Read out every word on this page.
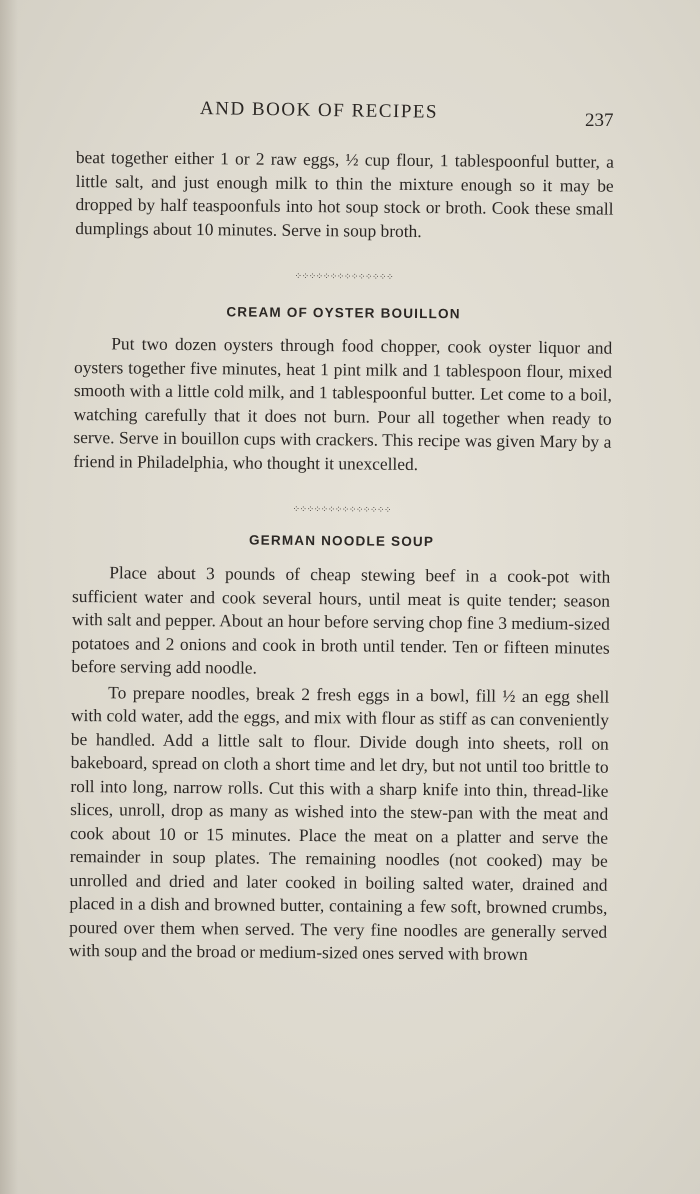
AND BOOK OF RECIPES	237

beat together either 1 or 2 raw eggs, ½ cup flour, 1 tablespoonful butter, a little salt, and just enough milk to thin the mixture enough so it may be dropped by half teaspoonfuls into hot soup stock or broth. Cook these small dumplings about 10 minutes. Serve in soup broth.

⁘⁘⁘⁘⁘⁘⁘⁘⁘⁘⁘⁘⁘⁘
CREAM OF OYSTER BOUILLON

Put two dozen oysters through food chopper, cook oyster liquor and oysters together five minutes, heat 1 pint milk and 1 tablespoon flour, mixed smooth with a little cold milk, and 1 tablespoonful butter. Let come to a boil, watching carefully that it does not burn. Pour all together when ready to serve. Serve in bouillon cups with crackers. This recipe was given Mary by a friend in Philadelphia, who thought it unexcelled.

⁘⁘⁘⁘⁘⁘⁘⁘⁘⁘⁘⁘⁘⁘
GERMAN NOODLE SOUP

Place about 3 pounds of cheap stewing beef in a cook-pot with sufficient water and cook several hours, until meat is quite tender; season with salt and pepper. About an hour before serving chop fine 3 medium-sized potatoes and 2 onions and cook in broth until tender. Ten or fifteen minutes before serving add noodle.

To prepare noodles, break 2 fresh eggs in a bowl, fill ½ an egg shell with cold water, add the eggs, and mix with flour as stiff as can conveniently be handled. Add a little salt to flour. Divide dough into sheets, roll on bakeboard, spread on cloth a short time and let dry, but not until too brittle to roll into long, narrow rolls. Cut this with a sharp knife into thin, thread-like slices, unroll, drop as many as wished into the stew-pan with the meat and cook about 10 or 15 minutes. Place the meat on a platter and serve the remainder in soup plates. The remaining noodles (not cooked) may be unrolled and dried and later cooked in boiling salted water, drained and placed in a dish and browned butter, containing a few soft, browned crumbs, poured over them when served. The very fine noodles are generally served with soup and the broad or medium-sized ones served with brown
